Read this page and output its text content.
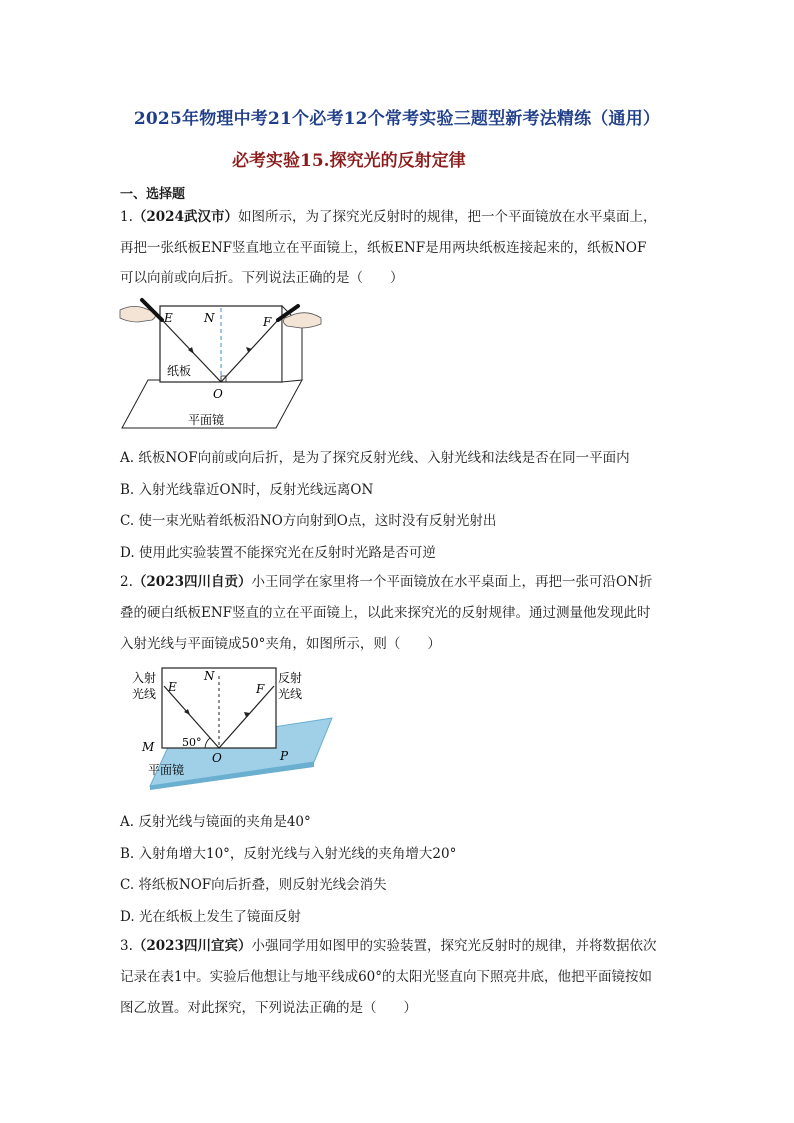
2025年物理中考21个必考12个常考实验三题型新考法精练（通用）
必考实验15.探究光的反射定律
一、选择题
1.（2024武汉市）如图所示，为了探究光反射时的规律，把一个平面镜放在水平桌面上，
再把一张纸板ENF竖直地立在平面镜上，纸板ENF是用两块纸板连接起来的，纸板NOF
可以向前或向后折。下列说法正确的是（　　）
E	N	F
纸板
O
平面镜
A. 纸板NOF向前或向后折，是为了探究反射光线、入射光线和法线是否在同一平面内
B. 入射光线靠近ON时，反射光线远离ON
C. 使一束光贴着纸板沿NO方向射到O点，这时没有反射光射出
D. 使用此实验装置不能探究光在反射时光路是否可逆
2.（2023四川自贡）小王同学在家里将一个平面镜放在水平桌面上，再把一张可沿ON折
叠的硬白纸板ENF竖直的立在平面镜上，以此来探究光的反射规律。通过测量他发现此时
入射光线与平面镜成50°夹角，如图所示，则（　　）
入射
光线 E
N
F
反射
光线
50°
M
O	P
平面镜
A. 反射光线与镜面的夹角是40°
B. 入射角增大10°，反射光线与入射光线的夹角增大20°
C. 将纸板NOF向后折叠，则反射光线会消失
D. 光在纸板上发生了镜面反射
3.（2023四川宜宾）小强同学用如图甲的实验装置，探究光反射时的规律，并将数据依次
记录在表1中。实验后他想让与地平线成60°的太阳光竖直向下照亮井底，他把平面镜按如
图乙放置。对此探究，下列说法正确的是（　　）
